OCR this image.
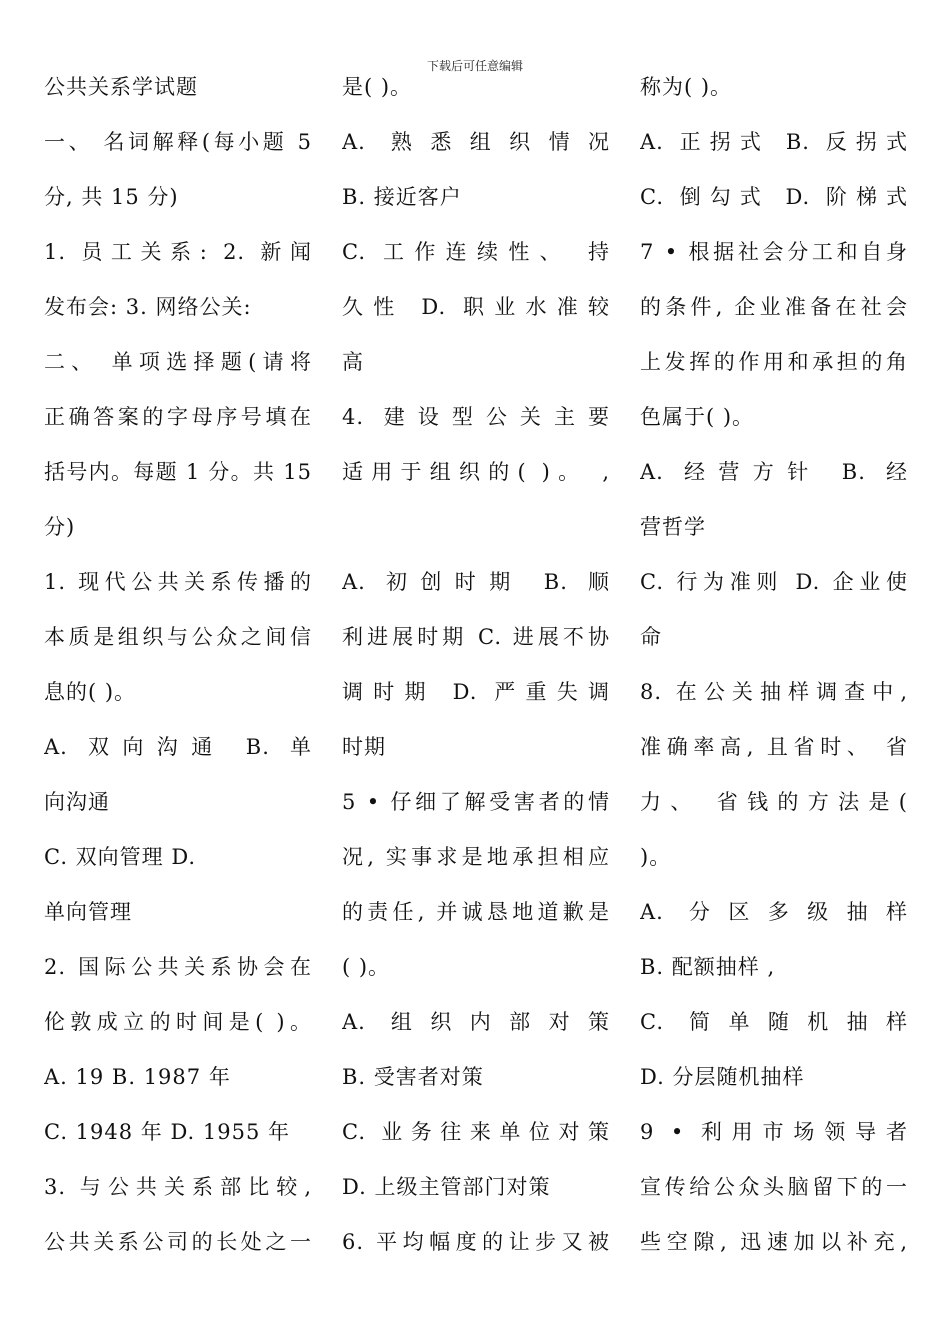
下载后可任意编辑

公共关系学试题

一、 名词解释(每小题 5

分, 共 15 分)

1. 员工关系: 2. 新闻

发布会: 3. 网络公关:

二、 单项选择题(请将

正确答案的字母序号填在

括号内。每题 1 分。共 15

分)

1. 现代公共关系传播的

本质是组织与公众之间信

息的( )。

A. 双向沟通 B. 单

向沟通

C. 双向管理 D.

单向管理

2. 国际公共关系协会在

伦敦成立的时间是( )。

A. 19 B. 1987 年

C. 1948 年 D. 1955 年

3. 与公共关系部比较,

公共关系公司的长处之一

是( )。

A. 熟悉组织情况

B. 接近客户

C. 工作连续性、 持

久性 D. 职业水准较

高

4. 建设型公关主要

适用于组织的( )。 ,

A. 初创时期 B. 顺

利进展时期 C. 进展不协

调时期 D. 严重失调

时期

5 • 仔细了解受害者的情

况, 实事求是地承担相应

的责任, 并诚恳地道歉是

( )。

A. 组织内部对策

B. 受害者对策

C. 业务往来单位对策

D. 上级主管部门对策

6. 平均幅度的让步又被

称为( )。

A. 正拐式 B. 反拐式

C. 倒勾式 D. 阶梯式

7 • 根据社会分工和自身

的条件, 企业准备在社会

上发挥的作用和承担的角

色属于( )。

A. 经营方针 B. 经

营哲学

C. 行为准则 D. 企业使

命

8. 在公关抽样调查中,

准确率高, 且省时、 省

力、 省钱的方法是(

)。

A. 分区多级抽样

B. 配额抽样 ,

C. 简单随机抽样

D. 分层随机抽样

9 • 利用市场领导者

宣传给公众头脑留下的一

些空隙, 迅速加以补充,
